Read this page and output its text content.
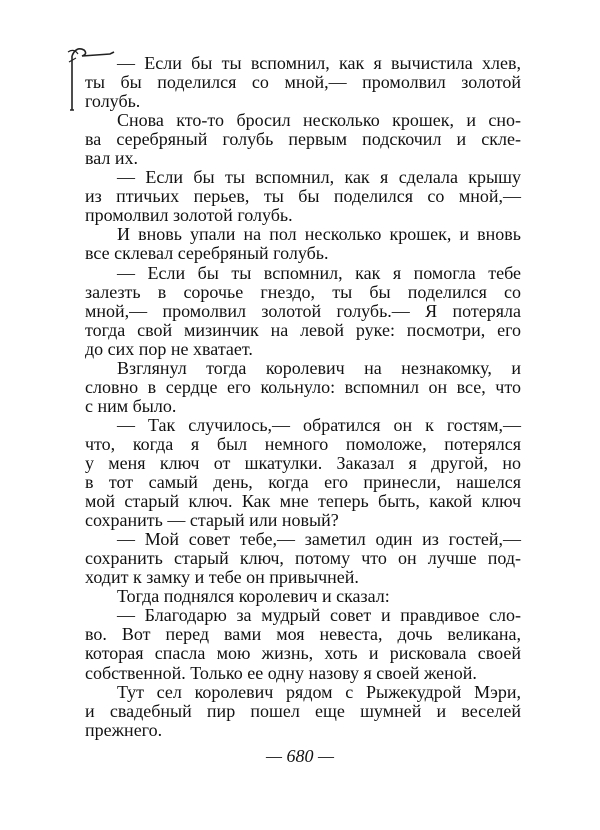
— Если бы ты вспомнил, как я вычистила хлев,
ты бы поделился со мной,— промолвил золотой
голубь.
Снова кто-то бросил несколько крошек, и сно-
ва серебряный голубь первым подскочил и скле-
вал их.
— Если бы ты вспомнил, как я сделала крышу
из птичьих перьев, ты бы поделился со мной,—
промолвил золотой голубь.
И вновь упали на пол несколько крошек, и вновь
все склевал серебряный голубь.
— Если бы ты вспомнил, как я помогла тебе
залезть в сорочье гнездо, ты бы поделился со
мной,— промолвил золотой голубь.— Я потеряла
тогда свой мизинчик на левой руке: посмотри, его
до сих пор не хватает.
Взглянул тогда королевич на незнакомку, и
словно в сердце его кольнуло: вспомнил он все, что
с ним было.
— Так случилось,— обратился он к гостям,—
что, когда я был немного помоложе, потерялся
у меня ключ от шкатулки. Заказал я другой, но
в тот самый день, когда его принесли, нашелся
мой старый ключ. Как мне теперь быть, какой ключ
сохранить — старый или новый?
— Мой совет тебе,— заметил один из гостей,—
сохранить старый ключ, потому что он лучше под-
ходит к замку и тебе он привычней.
Тогда поднялся королевич и сказал:
— Благодарю за мудрый совет и правдивое сло-
во. Вот перед вами моя невеста, дочь великана,
которая спасла мою жизнь, хоть и рисковала своей
собственной. Только ее одну назову я своей женой.
Тут сел королевич рядом с Рыжекудрой Мэри,
и свадебный пир пошел еще шумней и веселей
прежнего.
— 680 —
